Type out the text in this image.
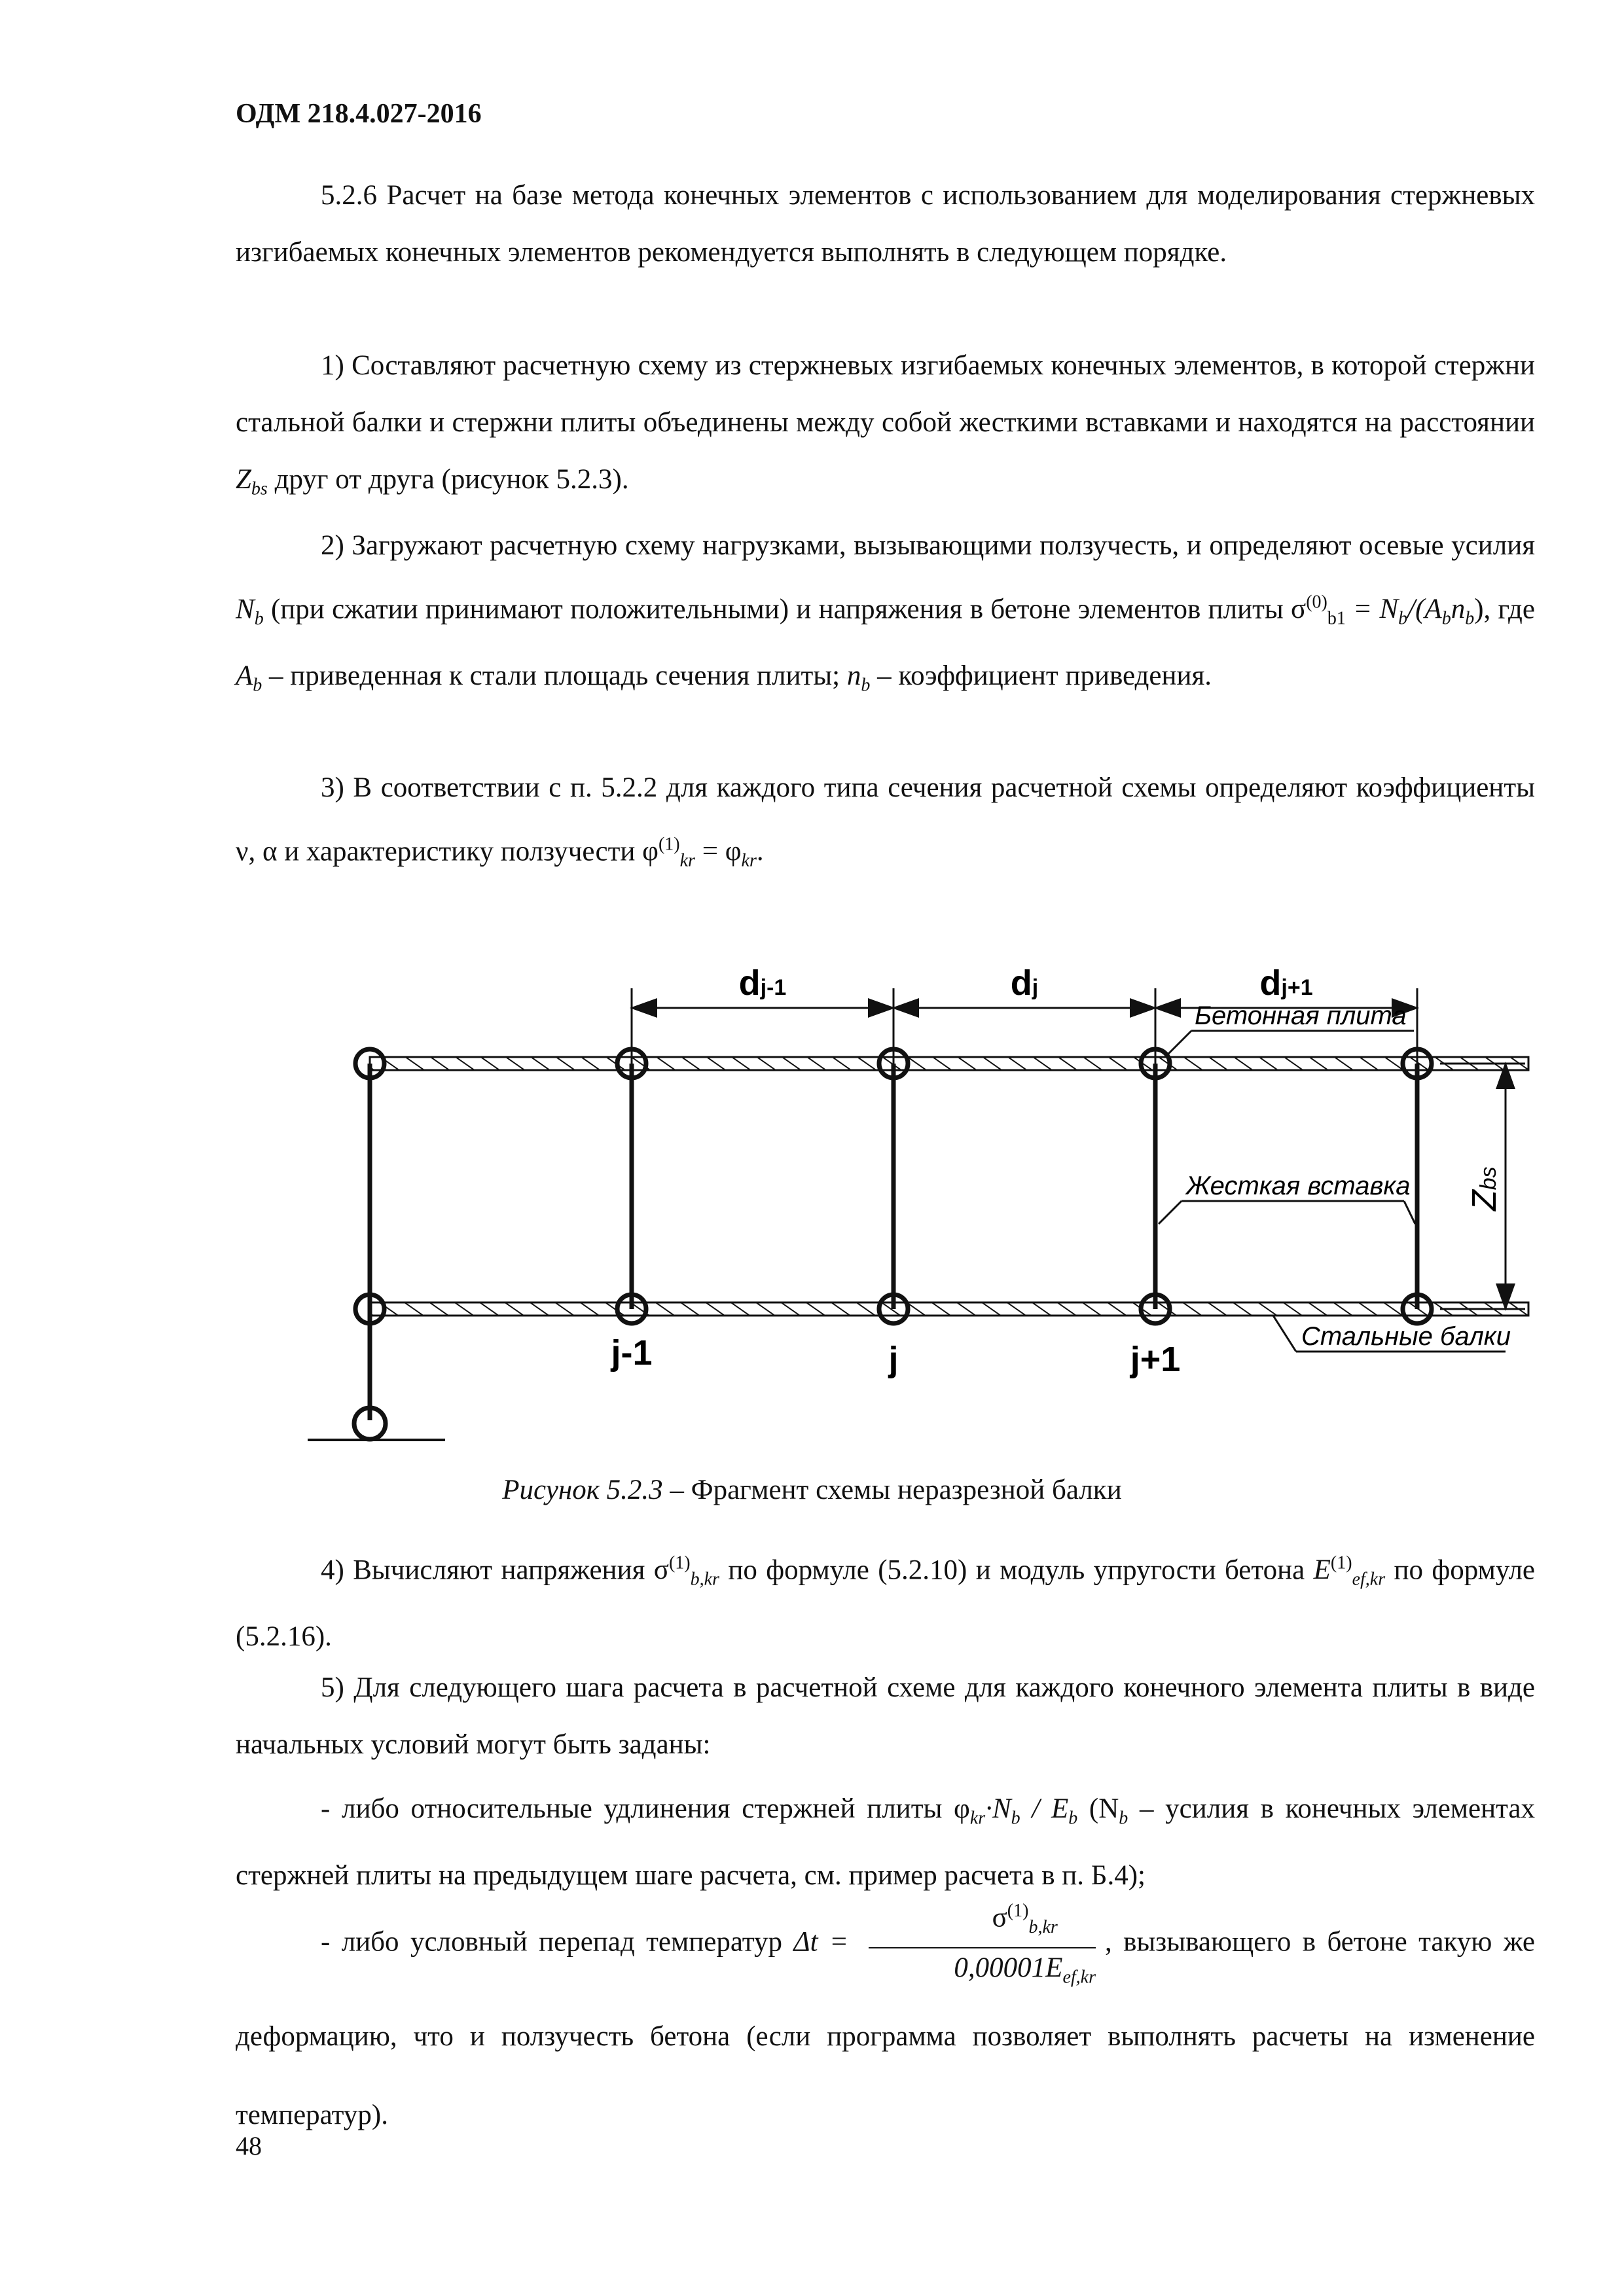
ОДМ 218.4.027-2016
5.2.6 Расчет на базе метода конечных элементов с использованием для моделирования стержневых изгибаемых конечных элементов рекомендуется выполнять в следующем порядке.
1) Составляют расчетную схему из стержневых изгибаемых конечных элементов, в которой стержни стальной балки и стержни плиты объединены между собой жесткими вставками и находятся на расстоянии $Z_{bs}$ друг от друга (рисунок 5.2.3).
2) Загружают расчетную схему нагрузками, вызывающими ползучесть, и определяют осевые усилия $N_b$ (при сжатии принимают положительными) и напряжения в бетоне элементов плиты $\sigma^{(0)}_{b1} = N_b/(A_bn_b)$, где $A_b$ – приведенная к стали площадь сечения плиты; $n_b$ – коэффициент приведения.
3) В соответствии с п. 5.2.2 для каждого типа сечения расчетной схемы определяют коэффициенты ν, α и характеристику ползучести $\varphi^{(1)}_{kr} = \varphi_{kr}$.
dj-1	dj	dj+1
Zbs
Бетонная плита
Жесткая вставка
Стальные балки
j-1	j	j+1
Рисунок 5.2.3 – Фрагмент схемы неразрезной балки
4) Вычисляют напряжения $\sigma^{(1)}_{b,kr}$ по формуле (5.2.10) и модуль упругости бетона $E^{(1)}_{ef,kr}$ по формуле (5.2.16).
5) Для следующего шага расчета в расчетной схеме для каждого конечного элемента плиты в виде начальных условий могут быть заданы:
- либо относительные удлинения стержней плиты $\varphi_{kr}\cdot N_b / E_b$ ($N_b$ – усилия в конечных элементах стержней плиты на предыдущем шаге расчета, см. пример расчета в п. Б.4);
- либо условный перепад температур $\Delta t = \frac{\sigma^{(1)}_{b,kr}}{0,00001E_{ef,kr}}$ , вызывающего в бетоне такую же деформацию, что и ползучесть бетона (если программа позволяет выполнять расчеты на изменение температур).
48
